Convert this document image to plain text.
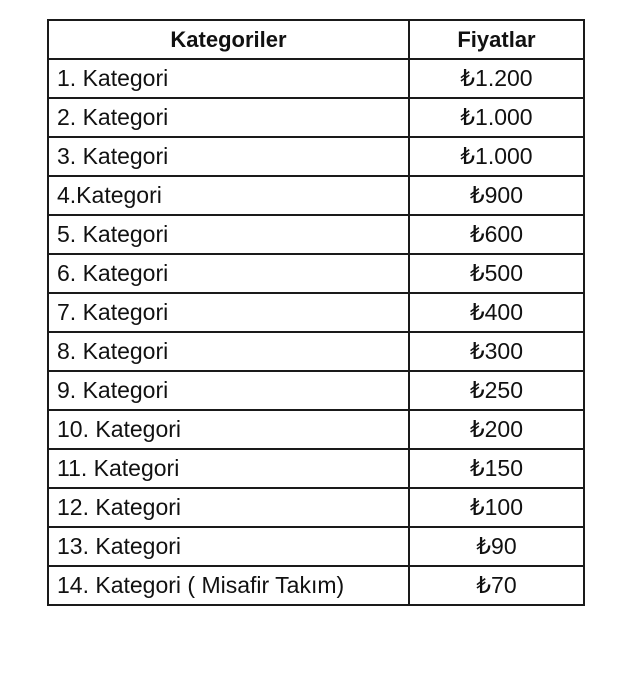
Kategoriler	Fiyatlar
1. Kategori	₺1.200
2. Kategori	₺1.000
3. Kategori	₺1.000
4.Kategori	₺900
5. Kategori	₺600
6. Kategori	₺500
7. Kategori	₺400
8. Kategori	₺300
9. Kategori	₺250
10. Kategori	₺200
11. Kategori	₺150
12. Kategori	₺100
13. Kategori	₺90
14. Kategori ( Misafir Takım)	₺70
